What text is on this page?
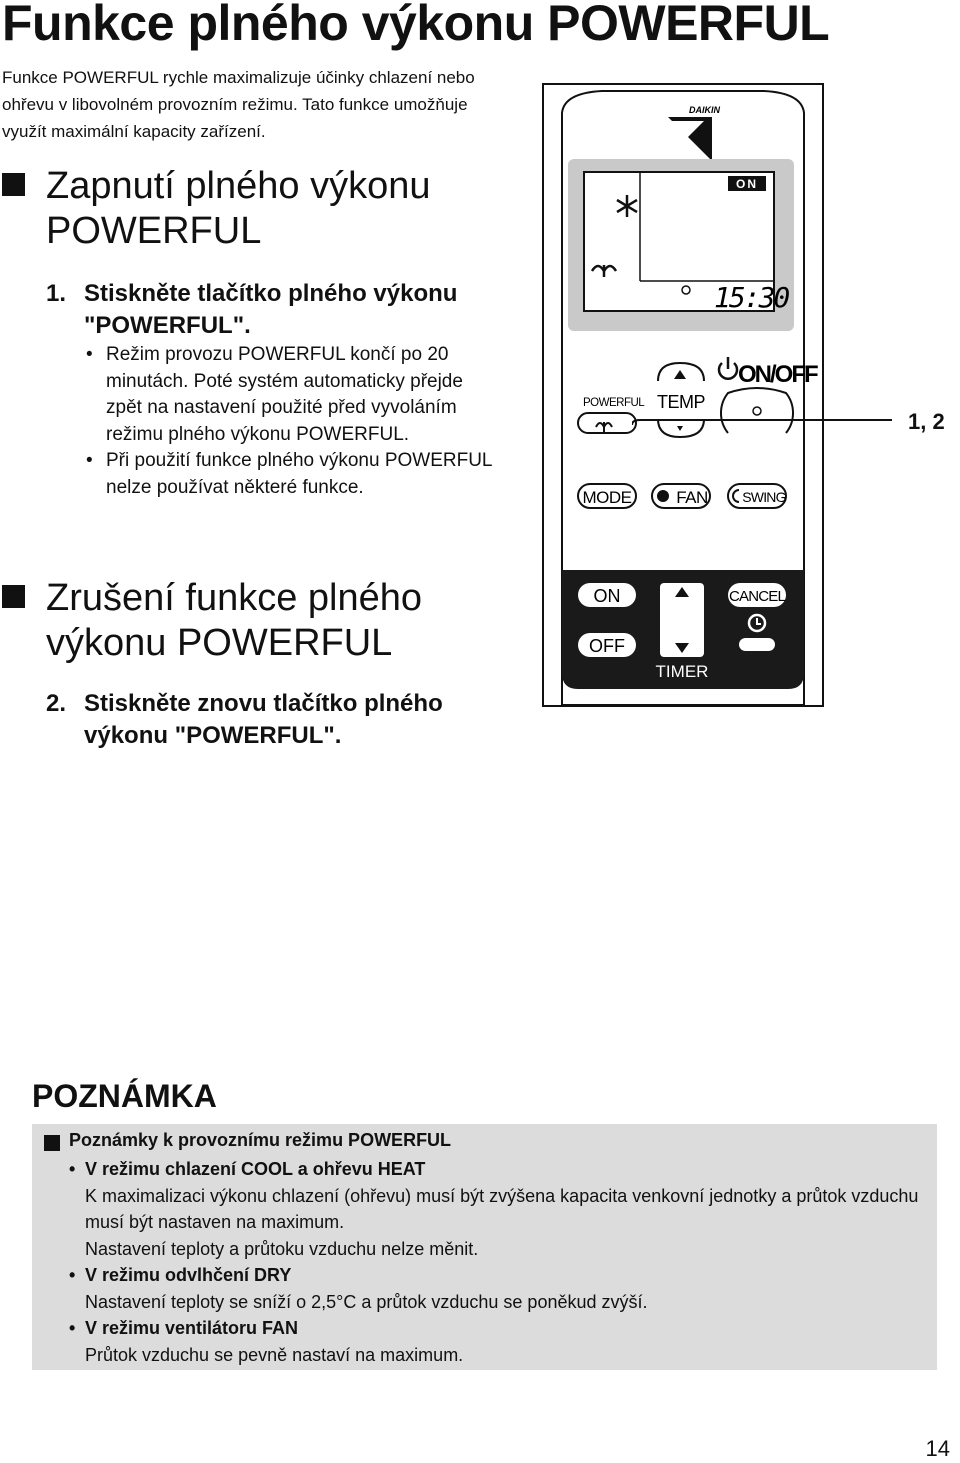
Funkce plného výkonu POWERFUL
Funkce POWERFUL rychle maximalizuje účinky chlazení nebo ohřevu v libovolném provozním režimu. Tato funkce umožňuje využít maximální kapacity zařízení.
Zapnutí plného výkonu
POWERFUL
1. Stiskněte tlačítko plného výkonu "POWERFUL".
• Režim provozu POWERFUL končí po 20 minutách. Poté systém automaticky přejde zpět na nastavení použité před vyvoláním režimu plného výkonu POWERFUL.
• Při použití funkce plného výkonu POWERFUL nelze používat některé funkce.
Zrušení funkce plného
výkonu POWERFUL
2. Stiskněte znovu tlačítko plného výkonu "POWERFUL".
DAIKIN
ON
15:30
POWERFUL TEMP
ON/OFF
MODE	FAN SWING
ON
OFF
TIMER
CANCEL
1, 2
POZNÁMKA
Poznámky k provoznímu režimu POWERFUL
• V režimu chlazení COOL a ohřevu HEAT
K maximalizaci výkonu chlazení (ohřevu) musí být zvýšena kapacita venkovní jednotky a průtok vzduchu musí být nastaven na maximum.
Nastavení teploty a průtoku vzduchu nelze měnit.
• V režimu odvlhčení DRY
Nastavení teploty se sníží o 2,5°C a průtok vzduchu se poněkud zvýší.
• V režimu ventilátoru FAN
Průtok vzduchu se pevně nastaví na maximum.
14
